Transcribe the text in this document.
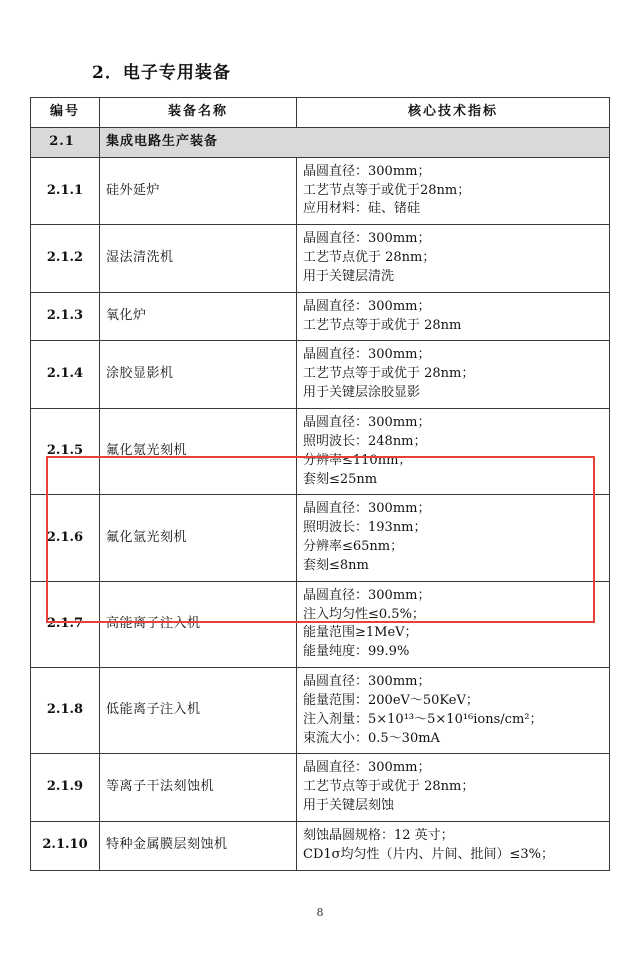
2．电子专用装备
编号	装备名称	核心技术指标
2.1	集成电路生产装备	
2.1.1	硅外延炉	晶圆直径：300mm；
工艺节点等于或优于28nm；
应用材料：硅、锗硅

2.1.2	湿法清洗机	晶圆直径：300mm；
工艺节点优于 28nm；
用于关键层清洗

2.1.3	氧化炉	晶圆直径：300mm；
工艺节点等于或优于 28nm

2.1.4	涂胶显影机	晶圆直径：300mm；
工艺节点等于或优于 28nm；
用于关键层涂胶显影

2.1.5	氟化氪光刻机	晶圆直径：300mm；
照明波长：248nm；
分辨率≤110nm；
套刻≤25nm

2.1.6	氟化氩光刻机	晶圆直径：300mm；
照明波长：193nm；
分辨率≤65nm；
套刻≤8nm

2.1.7	高能离子注入机	晶圆直径：300mm；
注入均匀性≤0.5%；
能量范围≥1MeV；
能量纯度：99.9%

2.1.8	低能离子注入机	晶圆直径：300mm；
能量范围：200eV～50KeV；
注入剂量：5×10¹³～5×10¹⁶ions/cm²；
束流大小：0.5～30mA

2.1.9	等离子干法刻蚀机	晶圆直径：300mm；
工艺节点等于或优于 28nm；
用于关键层刻蚀

2.1.10	特种金属膜层刻蚀机	刻蚀晶圆规格：12 英寸；
CD1σ均匀性（片内、片间、批间）≤3%；
8
